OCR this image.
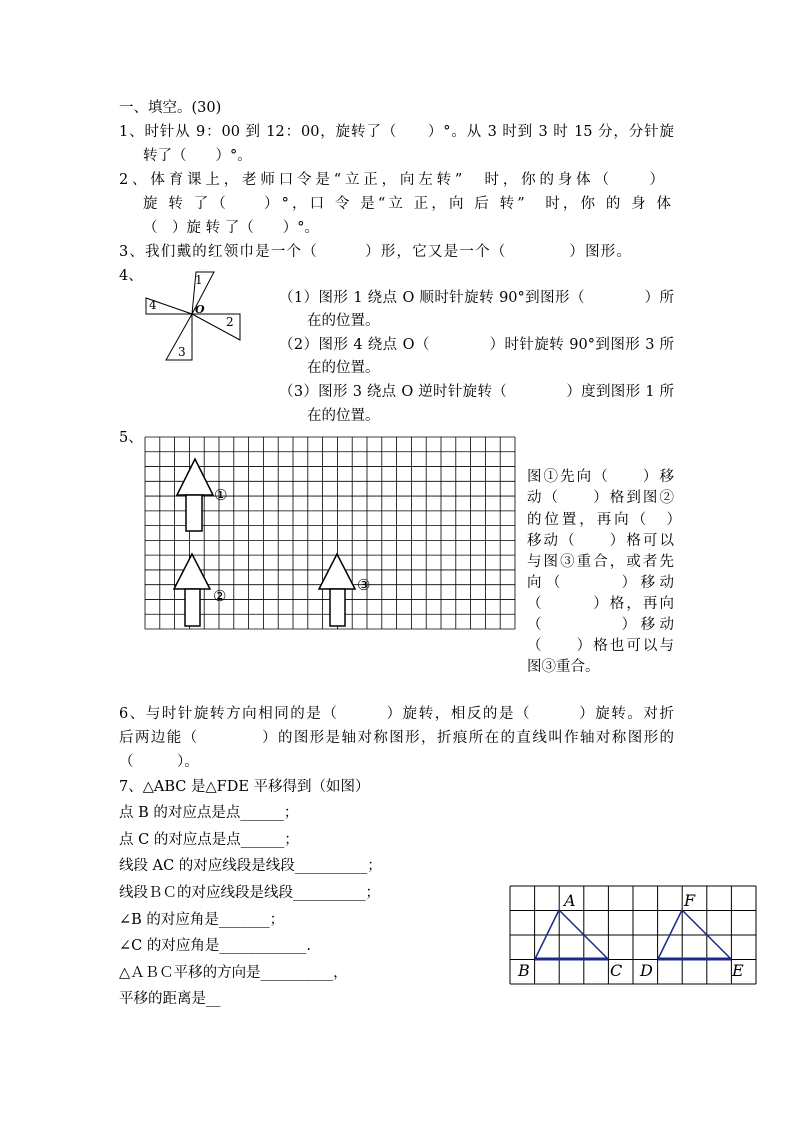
一、填空。(30)
1、时针从 9：00 到 12：00，旋转了（　　）°。从 3 时到 3 时 15 分，分针旋
转了（　　）°。
2、体育课上，老师口令是“立正，向左转”　时，你的身体（　　）
旋 转 了（　　）°，口 令 是“立 正，向 后 转”　时，你 的 身 体
（　）旋 转 了（　　）°。
3、我们戴的红领巾是一个（　　　）形，它又是一个（　　　　）图形。
4、	1
2
3
4	O
（1）图形 1 绕点 O 顺时针旋转 90°到图形（　　　　）所
在的位置。
（2）图形 4 绕点 O（　　　　）时针旋转 90°到图形 3 所
在的位置。
（3）图形 3 绕点 O 逆时针旋转（　　　　）度到图形 1 所
在的位置。
5、
①
②
③
图①先向（　　）移
动（　　）格到图②
的位置，再向（　）
移动（　　）格可以
与图③重合，或者先
向（　　　）移动
（　　　）格，再向
（　　　　）移动
（　　）格也可以与
图③重合。
6、与时针旋转方向相同的是（　　　）旋转，相反的是（　　　）旋转。对折
后两边能（　　　　）的图形是轴对称图形，折痕所在的直线叫作轴对称图形的
（　　　）。
7、△ABC 是△FDE 平移得到（如图）
点 B 的对应点是点______；
点 C 的对应点是点______；
线段 AC 的对应线段是线段__________；
线段ＢＣ的对应线段是线段__________；
∠B 的对应角是_______；
∠C 的对应角是____________.
△ＡＢＣ平移的方向是__________，
平移的距离是__
A
B	C D
F
E
